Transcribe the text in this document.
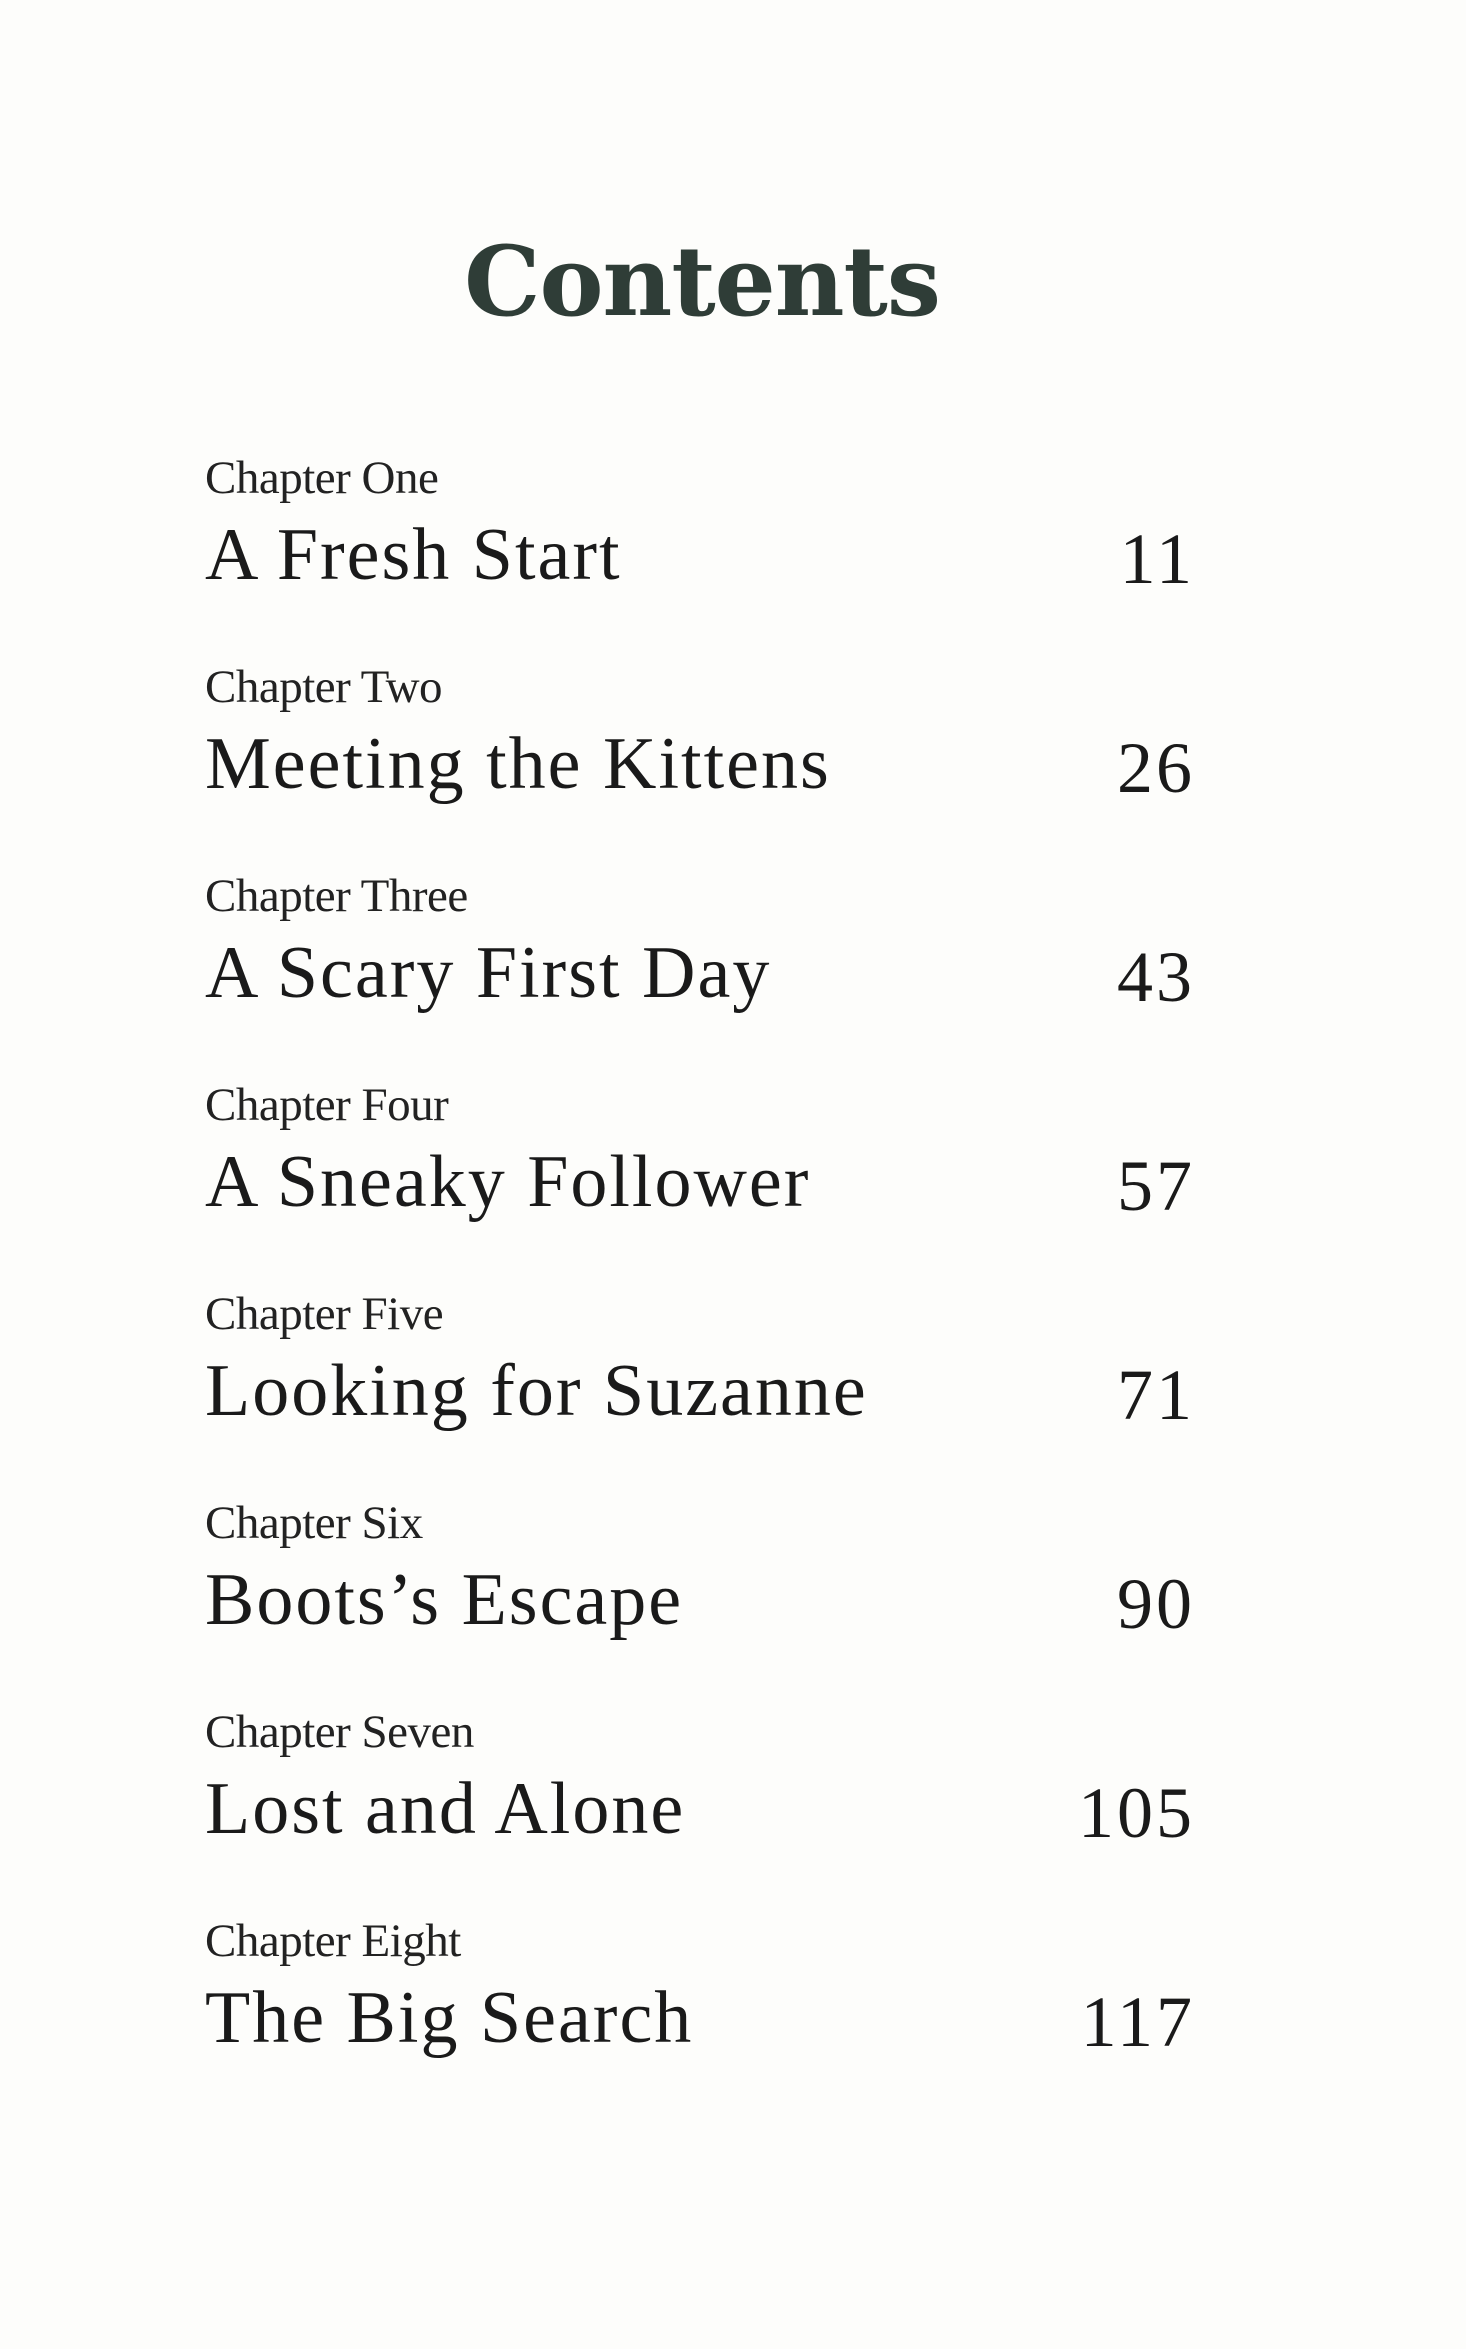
Contents
Chapter One
A Fresh Start	11
Chapter Two
Meeting the Kittens	26
Chapter Three
A Scary First Day	43
Chapter Four
A Sneaky Follower	57
Chapter Five
Looking for Suzanne	71
Chapter Six
Boots’s Escape	90
Chapter Seven
Lost and Alone	105
Chapter Eight
The Big Search	117
